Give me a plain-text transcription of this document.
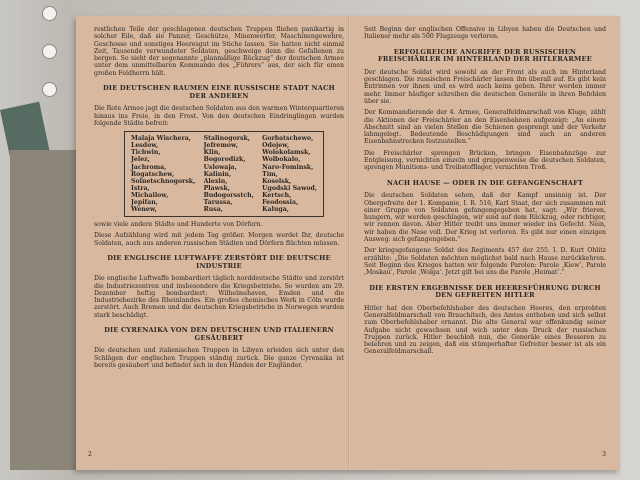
restlichen Teile der geschlagenen deutschen Truppen fliehen panikartig in solcher Eile, daß sie Panzer, Geschütze, Minenwerfer, Maschinengewehre, Geschosse und sonstiges Heeresgut im Stiche lassen. Sie hatten nicht einmal Zeit, Tausende verwundeter Soldaten, geschweige denn die Gefallenen zu bergen. So sieht der sogenannte „planmäßige Rückzug“ der deutschen Armee unter dem unmittelbaren Kommando des „Führers“ aus, der sich für einen großen Feldherrn hält.

DIE DEUTSCHEN RAUMEN EINE RUSSISCHE STADT NACH DER ANDEREN

Die Rote Armee jagt die deutschen Soldaten aus den warmen Winterquartieren hinaus ins Freie, in den Frost. Von den deutschen Eindringlingen wurden folgende Städte befreit:

Malaja Wischera,
Lesdow,
Tichwin,
Jelez,
Jachroma,
Rogatschew,
Solnetschnogorsk,
Istra,
Michailow,
Jepifan,
Wenew,
Stalinogorsk,
Jefremow,
Klin,
Bogorodizk,
Uslowaja,
Kalinin,
Alexin,
Plawsk,
Budogorsstch,
Tarussa,
Rusa,
Gorbatschewo,
Odojew,
Wolokolamsk,
Wolbokalo,
Naro-Fominsk,
Tim,
Koselsk,
Ugodski Sawod,
Kertsch,
Feodossia,
Kaluga,

sowie viele andere Städte und Hunderte von Dörfern.

Diese Aufzählung wird mit jedem Tag größer. Morgen werdet Ihr, deutsche Soldaten, auch aus anderen russischen Städten und Dörfern flüchten müssen.

DIE ENGLISCHE LUFTWAFFE ZERSTÖRT DIE DEUTSCHE INDUSTRIE

Die englische Luftwaffe bombardiert täglich norddeutsche Städte und zerstört die Industriezentren und insbesondere die Kriegsbetriebe. So wurden am 29. Dezember heftig bombardiert: Wilhelmshaven, Emden und die Industriebezirke des Rheinlandes. Ein großes chemisches Werk in Cöln wurde zerstört. Auch Bremen und die deutschen Kriegsbetriebe in Norwegen wurden stark beschädigt.

DIE CYRENAIKA VON DEN DEUTSCHEN UND ITALIENERN GESÄUBERT

Die deutschen und italienischen Truppen in Libyen erleiden sich unter den Schlägen der englischen Truppen ständig zurück. Die ganze Cyrenaika ist bereits gesäubert und befindet sich in den Händen der Engländer.

2

Seit Beginn der englischen Offensive in Libyen haben die Deutschen und Italiener mehr als 500 Flugzeuge verloren.

ERFOLGREICHE ANGRIFFE DER RUSSISCHEN FREISCHÄRLER IM HINTERLAND DER HITLERARMEE

Der deutsche Soldat wird sowohl an der Front als auch im Hinterland geschlagen. Die russischen Freischärler lassen ihn überall auf. Es gibt kein Entrinnen vor ihnen und es wird auch keins geben. Ihrer werden immer mehr. Immer häufiger schreiben die deutschen Generäle in ihren Befehlen über sie.

Der Kommandierende der 4. Armee, Generalfeldmarschall von Kluge, zählt die Aktionen der Freischärler an den Eisenbahnen aufgezeigt: „An einem Abschnitt sind an vielen Stellen die Schienen gesprengt und der Verkehr lahmgelegt. Bedeutende Beschädigungen sind auch an anderen Eisenbahnstrecken festzustellen.“

Die Freischärler sprengen Brücken, bringen Eisenbahnzüge zur Entgleisung, vernichten einzeln und gruppenweise die deutschen Soldaten, sprengen Munitions- und Treibstofflager, vernichten Troß.

NACH HAUSE — ODER IN DIE GEFANGENSCHAFT

Die deutschen Soldaten sehen, daß der Kampf unsinnig ist. Der Obergefreite der 1. Kompanie, I. R. 516, Karl Staat, der sich zusammen mit einer Gruppe von Soldaten gefangengegeben hat, sagt: „Wir frieren, hungern, wir werden geschlagen, wir sind auf dem Rückzug, oder richtiger, wir rennen davon. Aber Hitler treibt uns immer wieder ins Gefecht. Nein, wir haben die Nase voll. Der Krieg ist verloren. Es gibt nur einen einzigen Ausweg: sich gefangengeben.“

Der kriegsgefangene Soldat des Regiments 457 der 255. I. D. Kurt Ohlitz erzählte: „Die Soldaten möchten möglichst bald nach Hause zurückkehren. Seit Beginn des Krieges hatten wir folgende Parolen: Parole ,Kiew‘, Parole ,Moskau‘, Parole ,Wolga‘. Jetzt gilt bei uns die Parole ,Heimat‘.“

DIE ERSTEN ERGEBNISSE DER HEERESFÜHRUNG DURCH DEN GEFREITEN HITLER

Hitler hat den Oberbefehlshaber des deutschen Heeres, den erprobten Generalfeldmarschall von Brauchitsch, des Amtes enthoben und sich selbst zum Oberbefehlshaber ernannt. Die alte General war offenkundig seiner Aufgabe nicht gewachsen und wich unter dem Druck der russischen Truppen zurück. Hitler beschloß nun, die Generäle eines Besseren zu belehren und zu zeigen, daß ein stümperhafter Gefreiter besser ist als ein Generalfeldmarschall.

3
